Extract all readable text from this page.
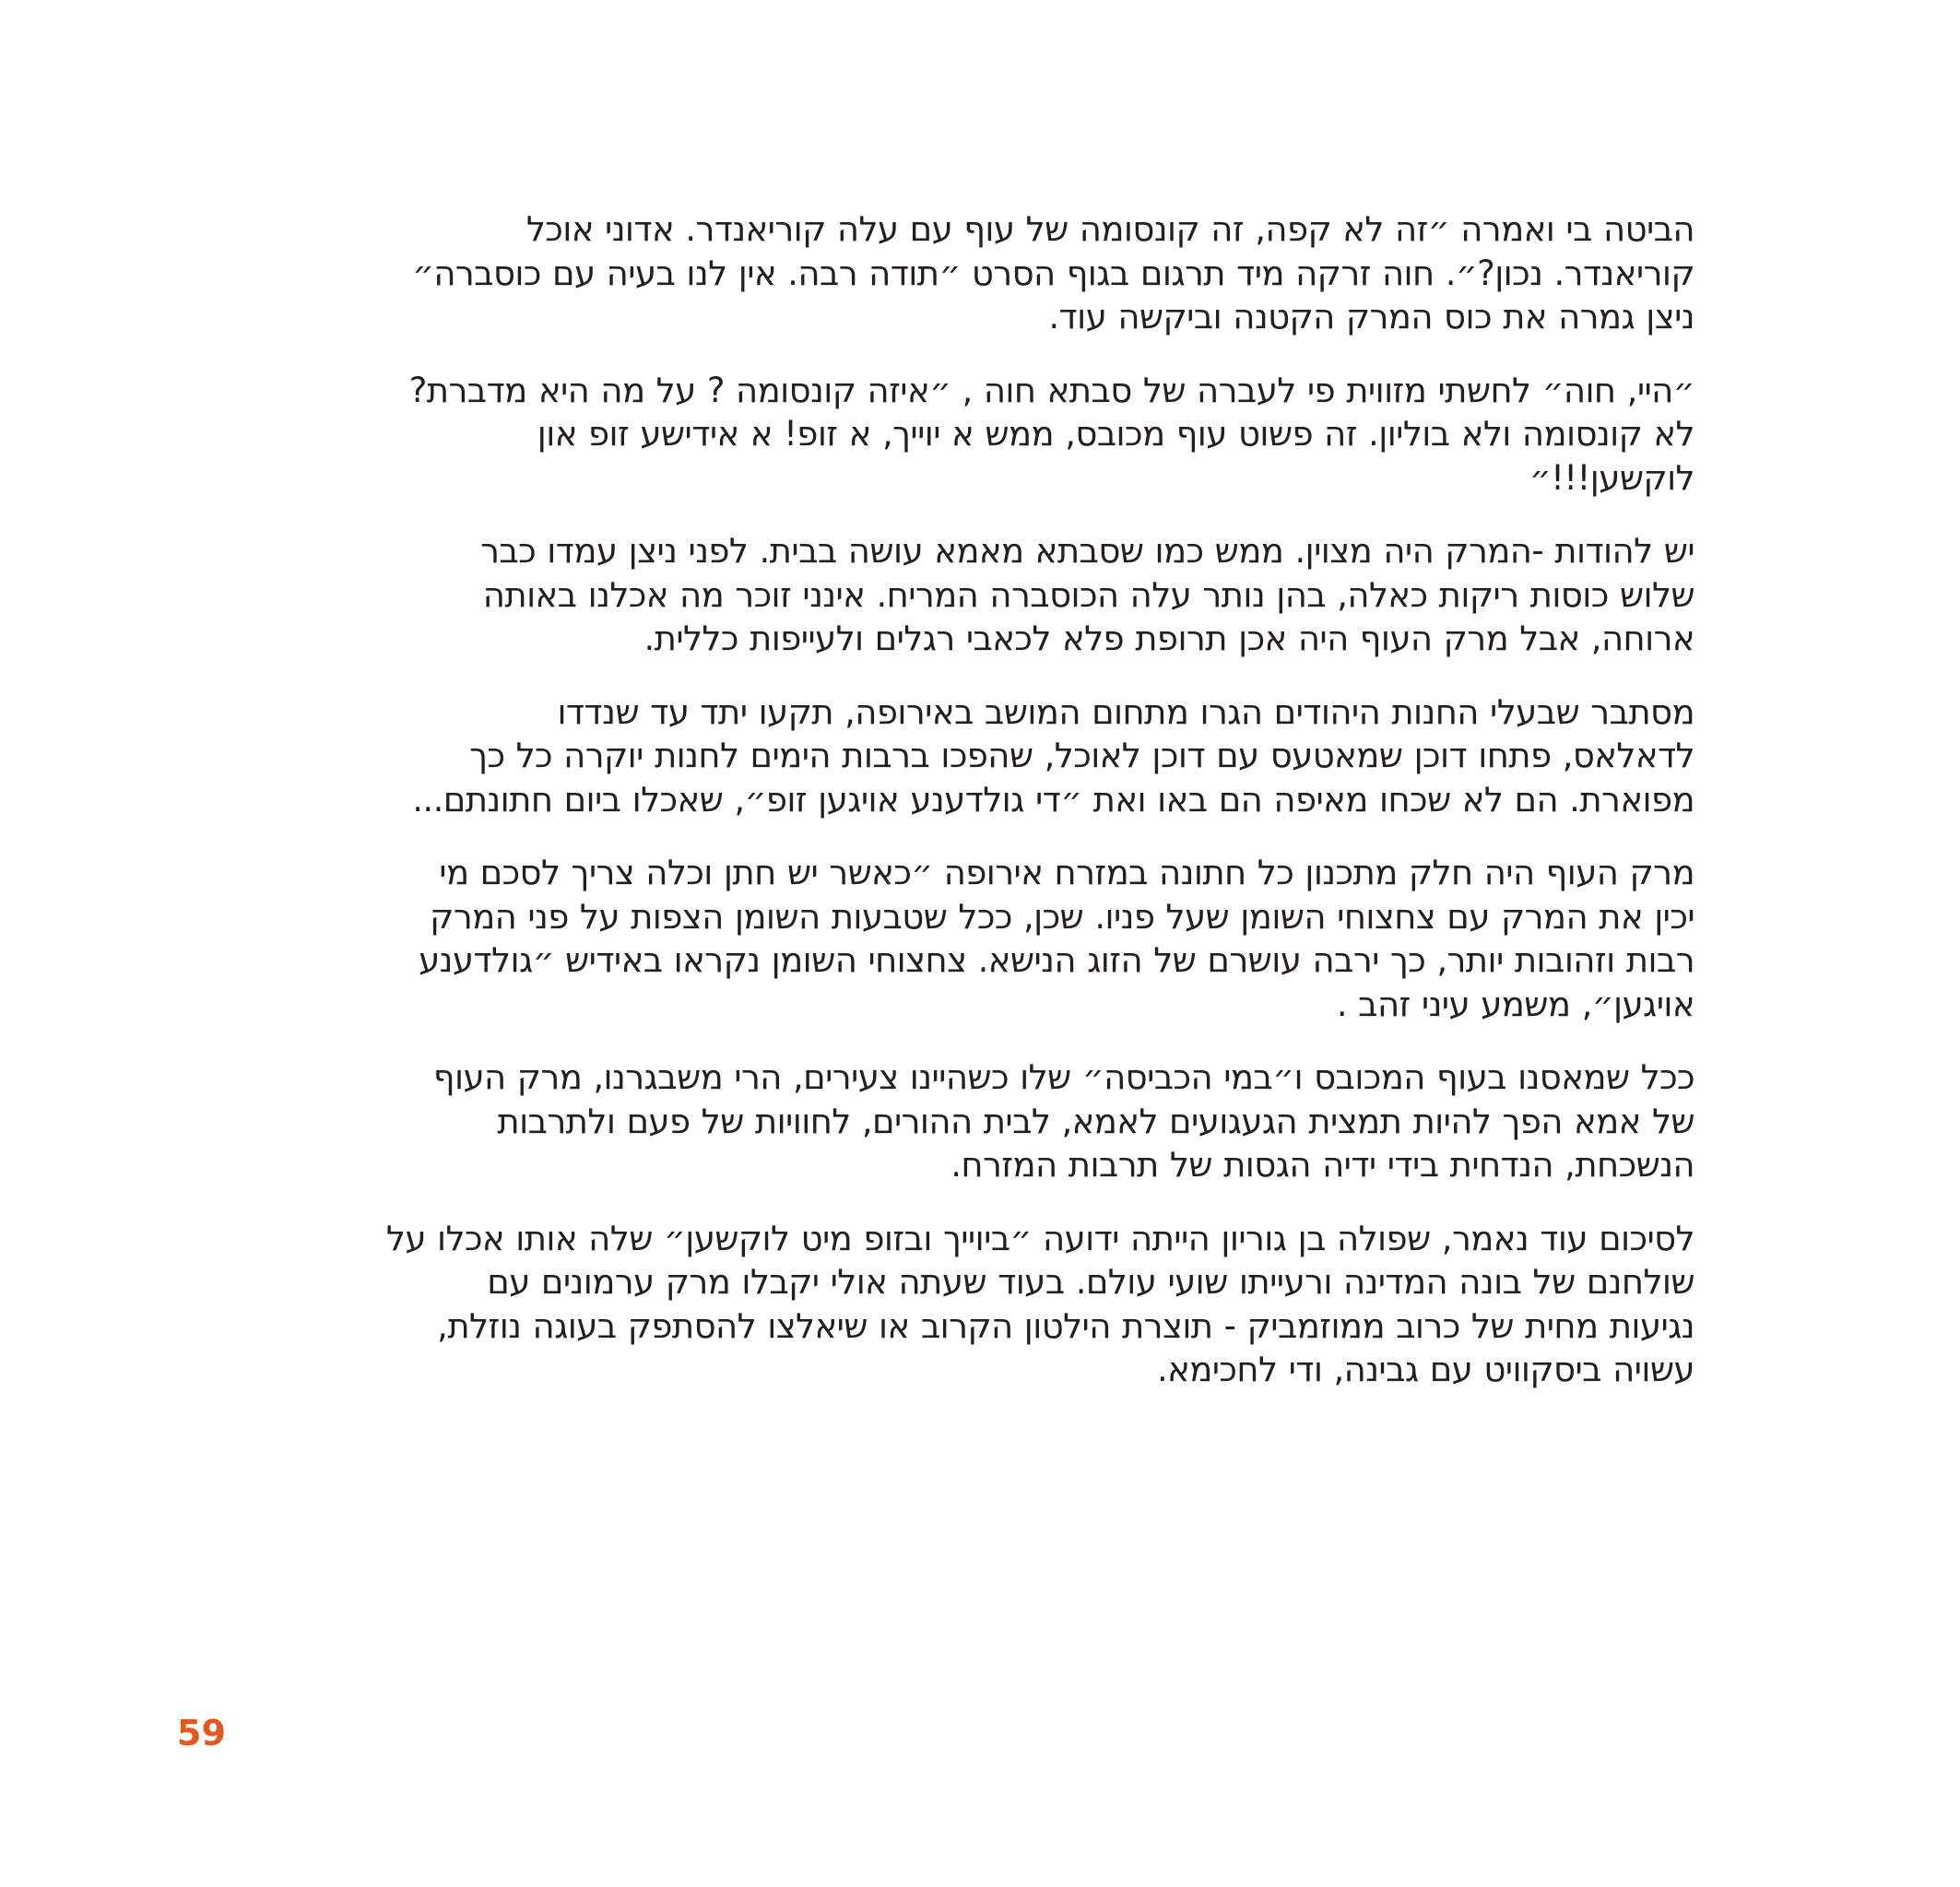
הביטה בי ואמרה ״זה לא קפה, זה קונסומה של עוף עם עלה קוריאנדר. אדוני אוכל
קוריאנדר. נכון?״. חוה זרקה מיד תרגום בגוף הסרט ״תודה רבה. אין לנו בעיה עם כוסברה״
ניצן גמרה את כוס המרק הקטנה וביקשה עוד.

״היי, חוה״ לחשתי מזווית פי לעברה של סבתא חוה , ״איזה קונסומה ? על מה היא מדברת?
לא קונסומה ולא בוליון. זה פשוט עוף מכובס, ממש א יוייך, א זופ! א אידישע זופ און
לוקשען!!!״

יש להודות -המרק היה מצוין. ממש כמו שסבתא מאמא עושה בבית. לפני ניצן עמדו כבר
שלוש כוסות ריקות כאלה, בהן נותר עלה הכוסברה המריח. אינני זוכר מה אכלנו באותה
ארוחה, אבל מרק העוף היה אכן תרופת פלא לכאבי רגלים ולעייפות כללית.

מסתבר שבעלי החנות היהודים הגרו מתחום המושב באירופה, תקעו יתד עד שנדדו
לדאלאס, פתחו דוכן שמאטעס עם דוכן לאוכל, שהפכו ברבות הימים לחנות יוקרה כל כך
מפוארת. הם לא שכחו מאיפה הם באו ואת ״די גולדענע אויגען זופ״, שאכלו ביום חתונתם...

מרק העוף היה חלק מתכנון כל חתונה במזרח אירופה ״כאשר יש חתן וכלה צריך לסכם מי
יכין את המרק עם צחצוחי השומן שעל פניו. שכן, ככל שטבעות השומן הצפות על פני המרק
רבות וזהובות יותר, כך ירבה עושרם של הזוג הנישא. צחצוחי השומן נקראו באידיש ״גולדענע
אויגען״, משמע עיני זהב .

ככל שמאסנו בעוף המכובס ו״במי הכביסה״ שלו כשהיינו צעירים, הרי משבגרנו, מרק העוף
של אמא הפך להיות תמצית הגעגועים לאמא, לבית ההורים, לחוויות של פעם ולתרבות
הנשכחת, הנדחית בידי ידיה הגסות של תרבות המזרח.

לסיכום עוד נאמר, שפולה בן גוריון הייתה ידועה ״ביוייך ובזופ מיט לוקשען״ שלה אותו אכלו על
שולחנם של בונה המדינה ורעייתו שועי עולם. בעוד שעתה אולי יקבלו מרק ערמונים עם
נגיעות מחית של כרוב ממוזמביק - תוצרת הילטון הקרוב או שיאלצו להסתפק בעוגה נוזלת,
עשויה ביסקוויט עם גבינה, ודי לחכימא.

59
